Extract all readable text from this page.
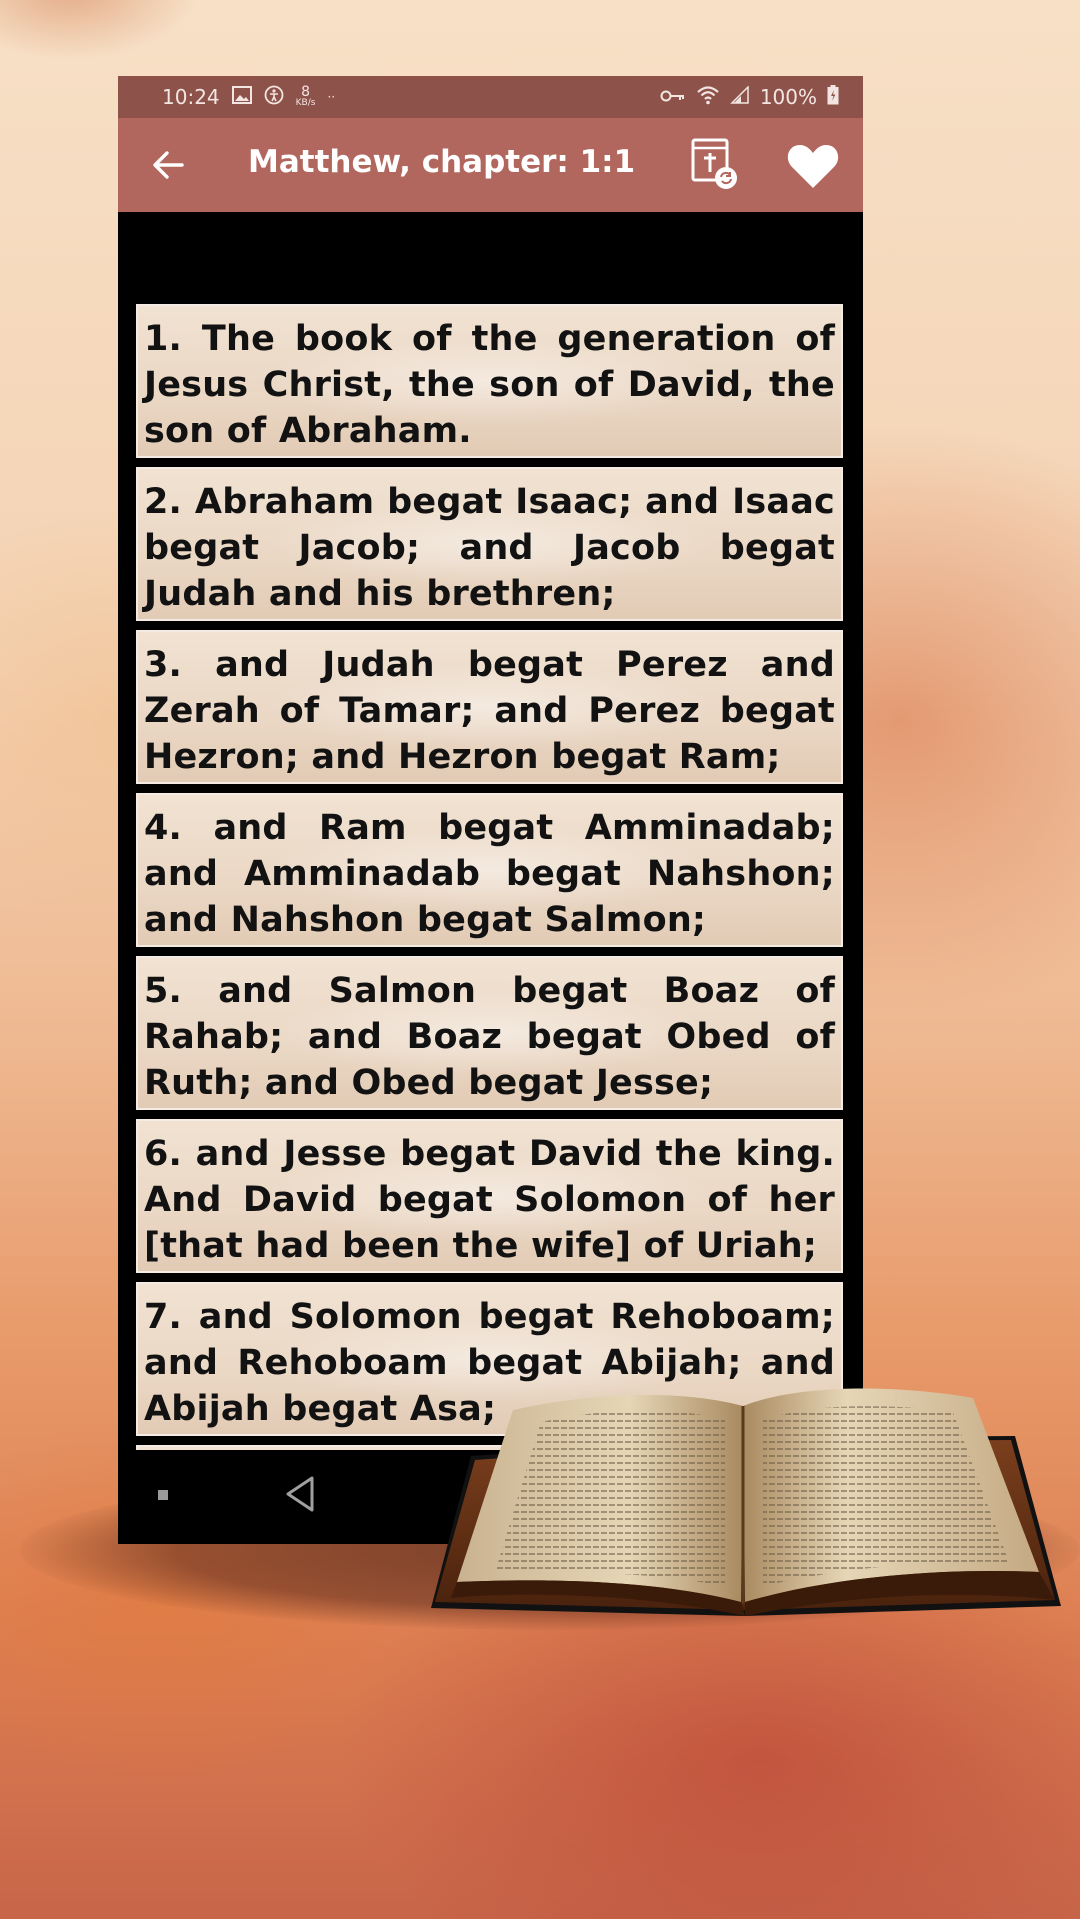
10:24	8
KB/s ··	100%
Matthew, chapter: 1:1
1. The book of the generation of Jesus Christ, the son of David, the son of Abraham.
2. Abraham begat Isaac; and Isaac begat Jacob; and Jacob begat Judah and his brethren;
3. and Judah begat Perez and Zerah of Tamar; and Perez begat Hezron; and Hezron begat Ram;
4. and Ram begat Amminadab; and Amminadab begat Nahshon; and Nahshon begat Salmon;
5. and Salmon begat Boaz of Rahab; and Boaz begat Obed of Ruth; and Obed begat Jesse;
6. and Jesse begat David the king. And David begat Solomon of her [that had been the wife] of Uriah;
7. and Solomon begat Rehoboam; and Rehoboam begat Abijah; and Abijah begat Asa;
